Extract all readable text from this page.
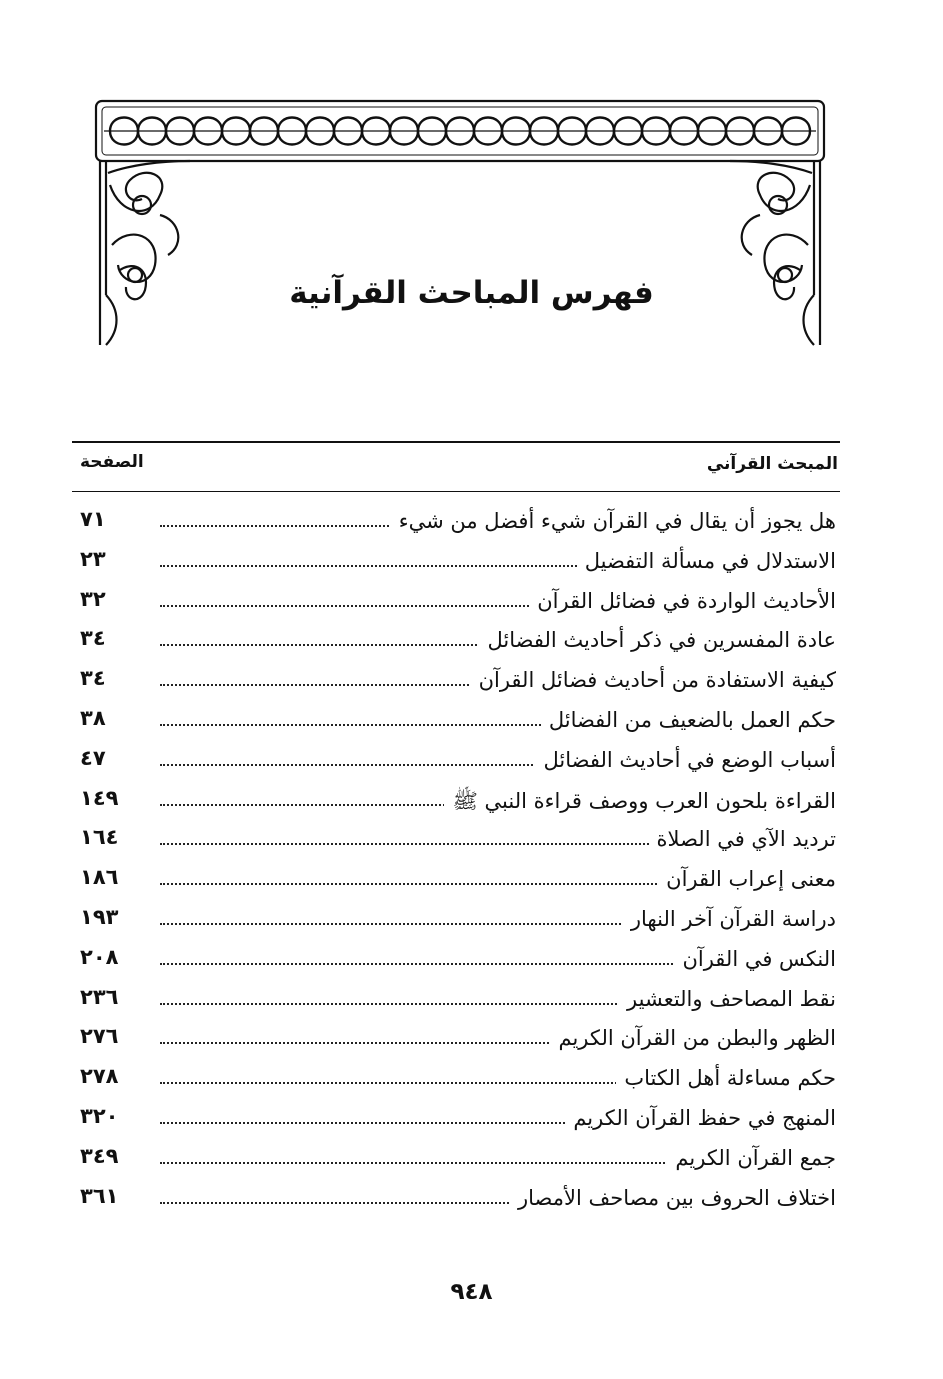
فهرس المباحث القرآنية
المبحث القرآني
الصفحة
هل يجوز أن يقال في القرآن شيء أفضل من شيء
٧١
الاستدلال في مسألة التفضيل
٢٣
الأحاديث الواردة في فضائل القرآن
٣٢
عادة المفسرين في ذكر أحاديث الفضائل
٣٤
كيفية الاستفادة من أحاديث فضائل القرآن
٣٤
حكم العمل بالضعيف من الفضائل
٣٨
أسباب الوضع في أحاديث الفضائل
٤٧
القراءة بلحون العرب ووصف قراءة النبي ﷺ
١٤٩
ترديد الآي في الصلاة
١٦٤
معنى إعراب القرآن
١٨٦
دراسة القرآن آخر النهار
١٩٣
النكس في القرآن
٢٠٨
نقط المصاحف والتعشير
٢٣٦
الظهر والبطن من القرآن الكريم
٢٧٦
حكم مساءلة أهل الكتاب
٢٧٨
المنهج في حفظ القرآن الكريم
٣٢٠
جمع القرآن الكريم
٣٤٩
اختلاف الحروف بين مصاحف الأمصار
٣٦١
٩٤٨
